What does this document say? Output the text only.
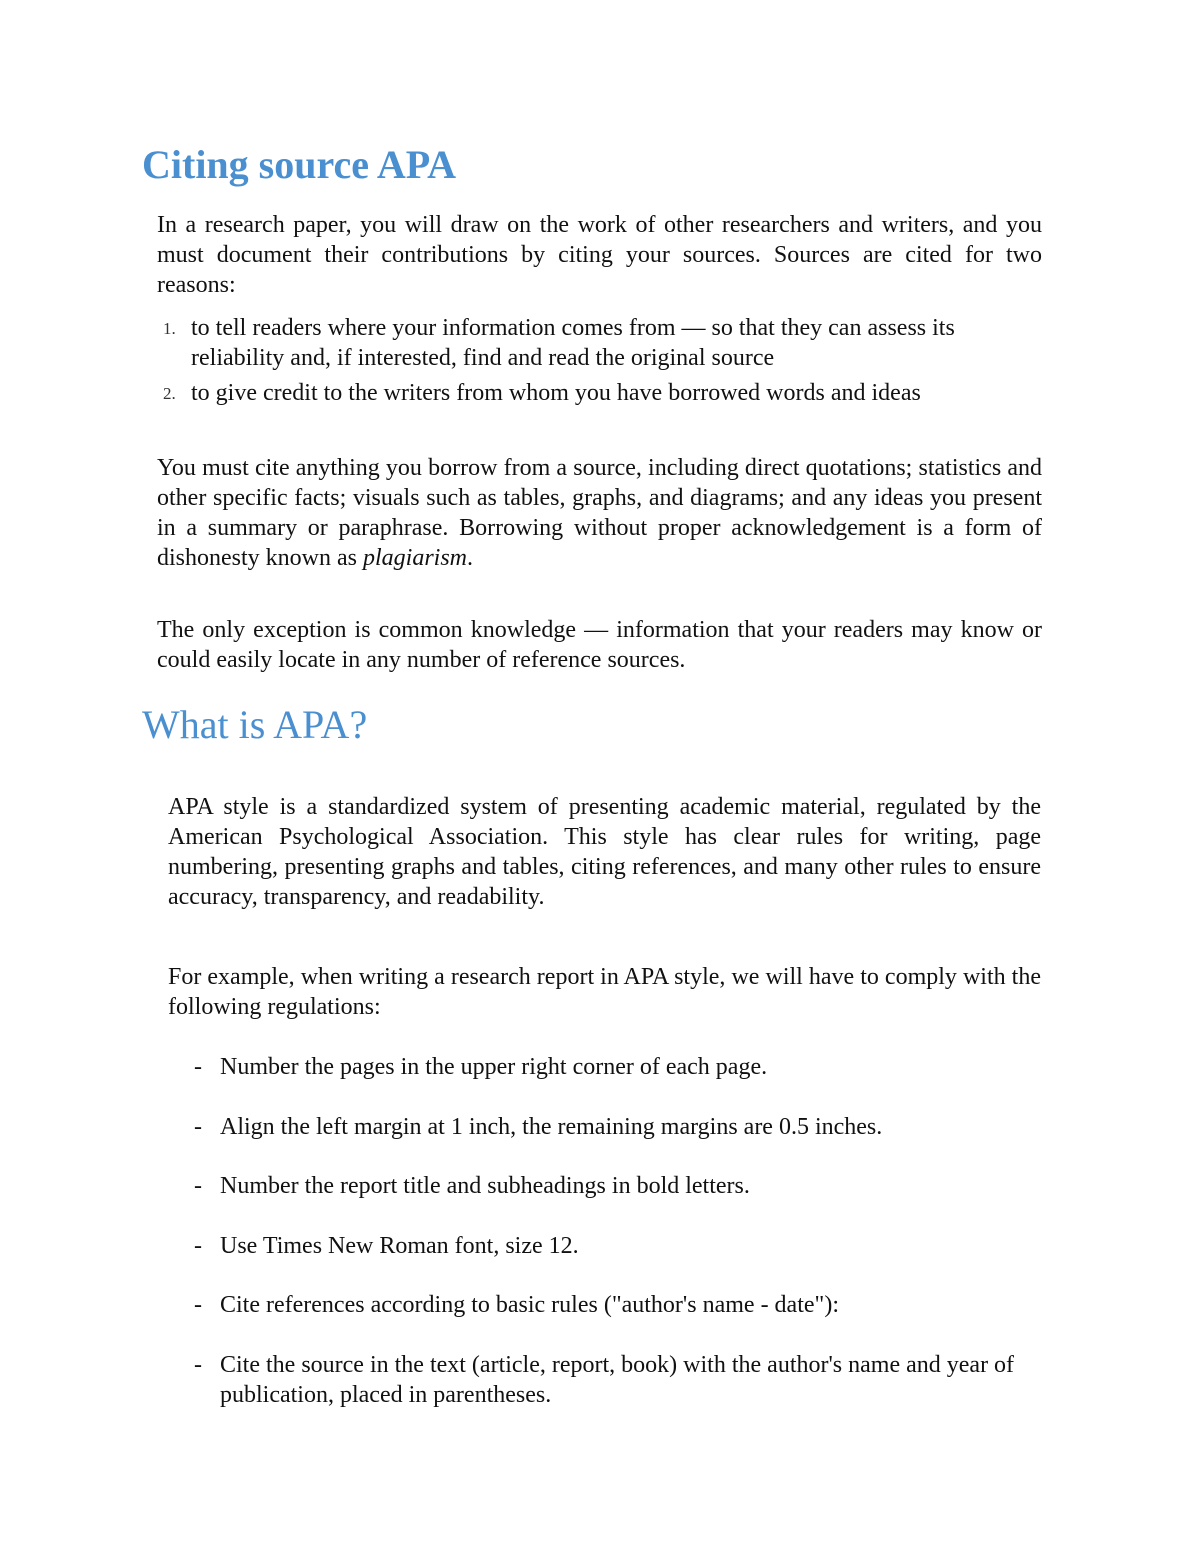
Citing source APA

In a research paper, you will draw on the work of other researchers and writers, and you must document their contributions by citing your sources. Sources are cited for two reasons:

1. to tell readers where your information comes from — so that they can assess its reliability and, if interested, find and read the original source
2. to give credit to the writers from whom you have borrowed words and ideas

You must cite anything you borrow from a source, including direct quotations; statistics and other specific facts; visuals such as tables, graphs, and diagrams; and any ideas you present in a summary or paraphrase. Borrowing without proper acknowledgement is a form of dishonesty known as plagiarism.

The only exception is common knowledge — information that your readers may know or could easily locate in any number of reference sources.

What is APA?

APA style is a standardized system of presenting academic material, regulated by the American Psychological Association. This style has clear rules for writing, page numbering, presenting graphs and tables, citing references, and many other rules to ensure accuracy, transparency, and readability.

For example, when writing a research report in APA style, we will have to comply with the following regulations:

- Number the pages in the upper right corner of each page.
- Align the left margin at 1 inch, the remaining margins are 0.5 inches.
- Number the report title and subheadings in bold letters.
- Use Times New Roman font, size 12.
- Cite references according to basic rules ("author's name - date"):
- Cite the source in the text (article, report, book) with the author's name and year of publication, placed in parentheses.
